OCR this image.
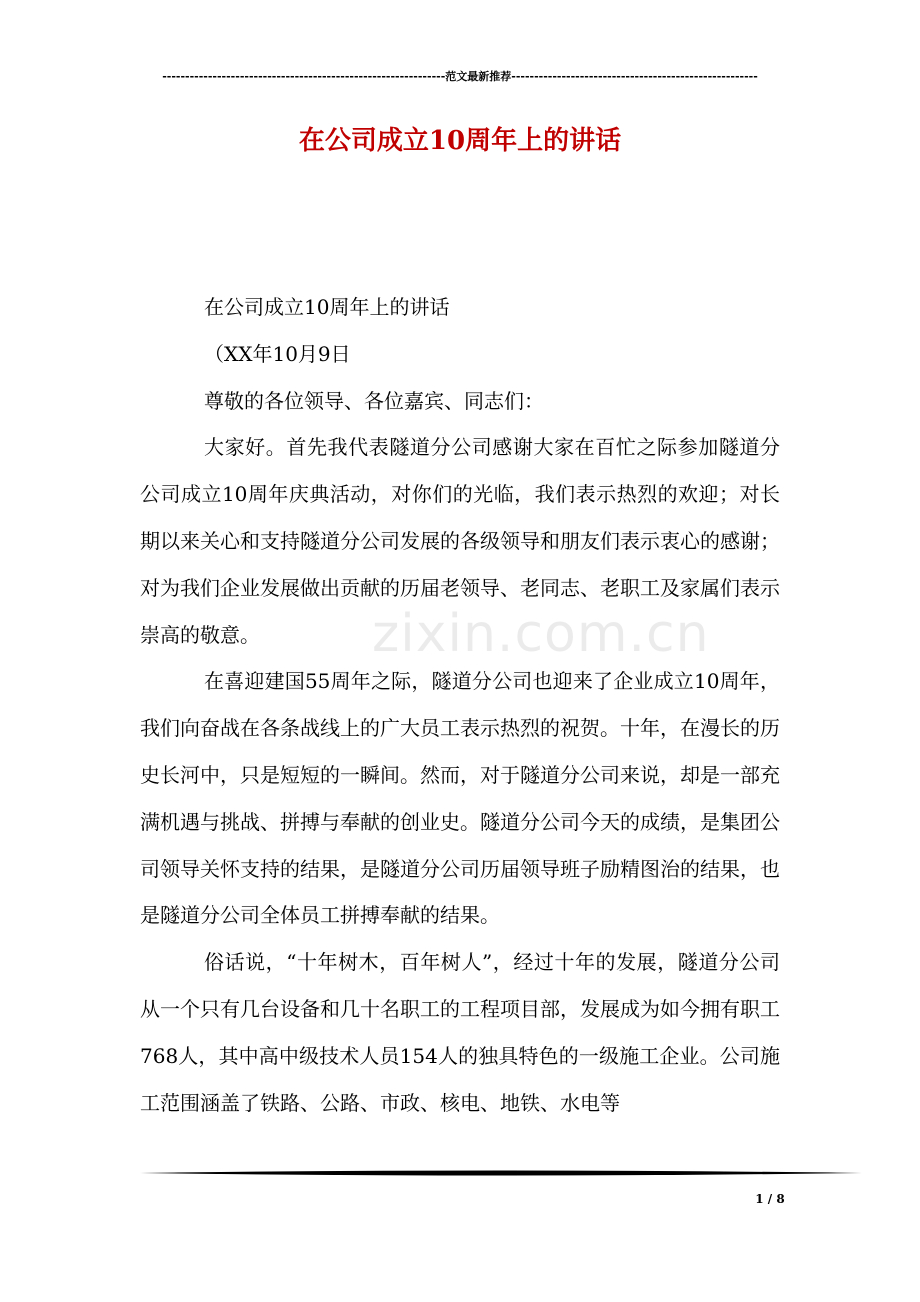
--------------------------------------------------------------范文最新推荐------------------------------------------------------
在公司成立10周年上的讲话
zixin.com.cn

在公司成立10周年上的讲话

（XX年10月9日

尊敬的各位领导、各位嘉宾、同志们：

大家好。首先我代表隧道分公司感谢大家在百忙之际参加隧道分公司成立10周年庆典活动，对你们的光临，我们表示热烈的欢迎；对长期以来关心和支持隧道分公司发展的各级领导和朋友们表示衷心的感谢；对为我们企业发展做出贡献的历届老领导、老同志、老职工及家属们表示崇高的敬意。

在喜迎建国55周年之际，隧道分公司也迎来了企业成立10周年，我们向奋战在各条战线上的广大员工表示热烈的祝贺。十年，在漫长的历史长河中，只是短短的一瞬间。然而，对于隧道分公司来说，却是一部充满机遇与挑战、拼搏与奉献的创业史。隧道分公司今天的成绩，是集团公司领导关怀支持的结果，是隧道分公司历届领导班子励精图治的结果，也是隧道分公司全体员工拼搏奉献的结果。

俗话说，“十年树木，百年树人”，经过十年的发展，隧道分公司从一个只有几台设备和几十名职工的工程项目部，发展成为如今拥有职工768人，其中高中级技术人员154人的独具特色的一级施工企业。公司施工范围涵盖了铁路、公路、市政、核电、地铁、水电等

1 / 8
